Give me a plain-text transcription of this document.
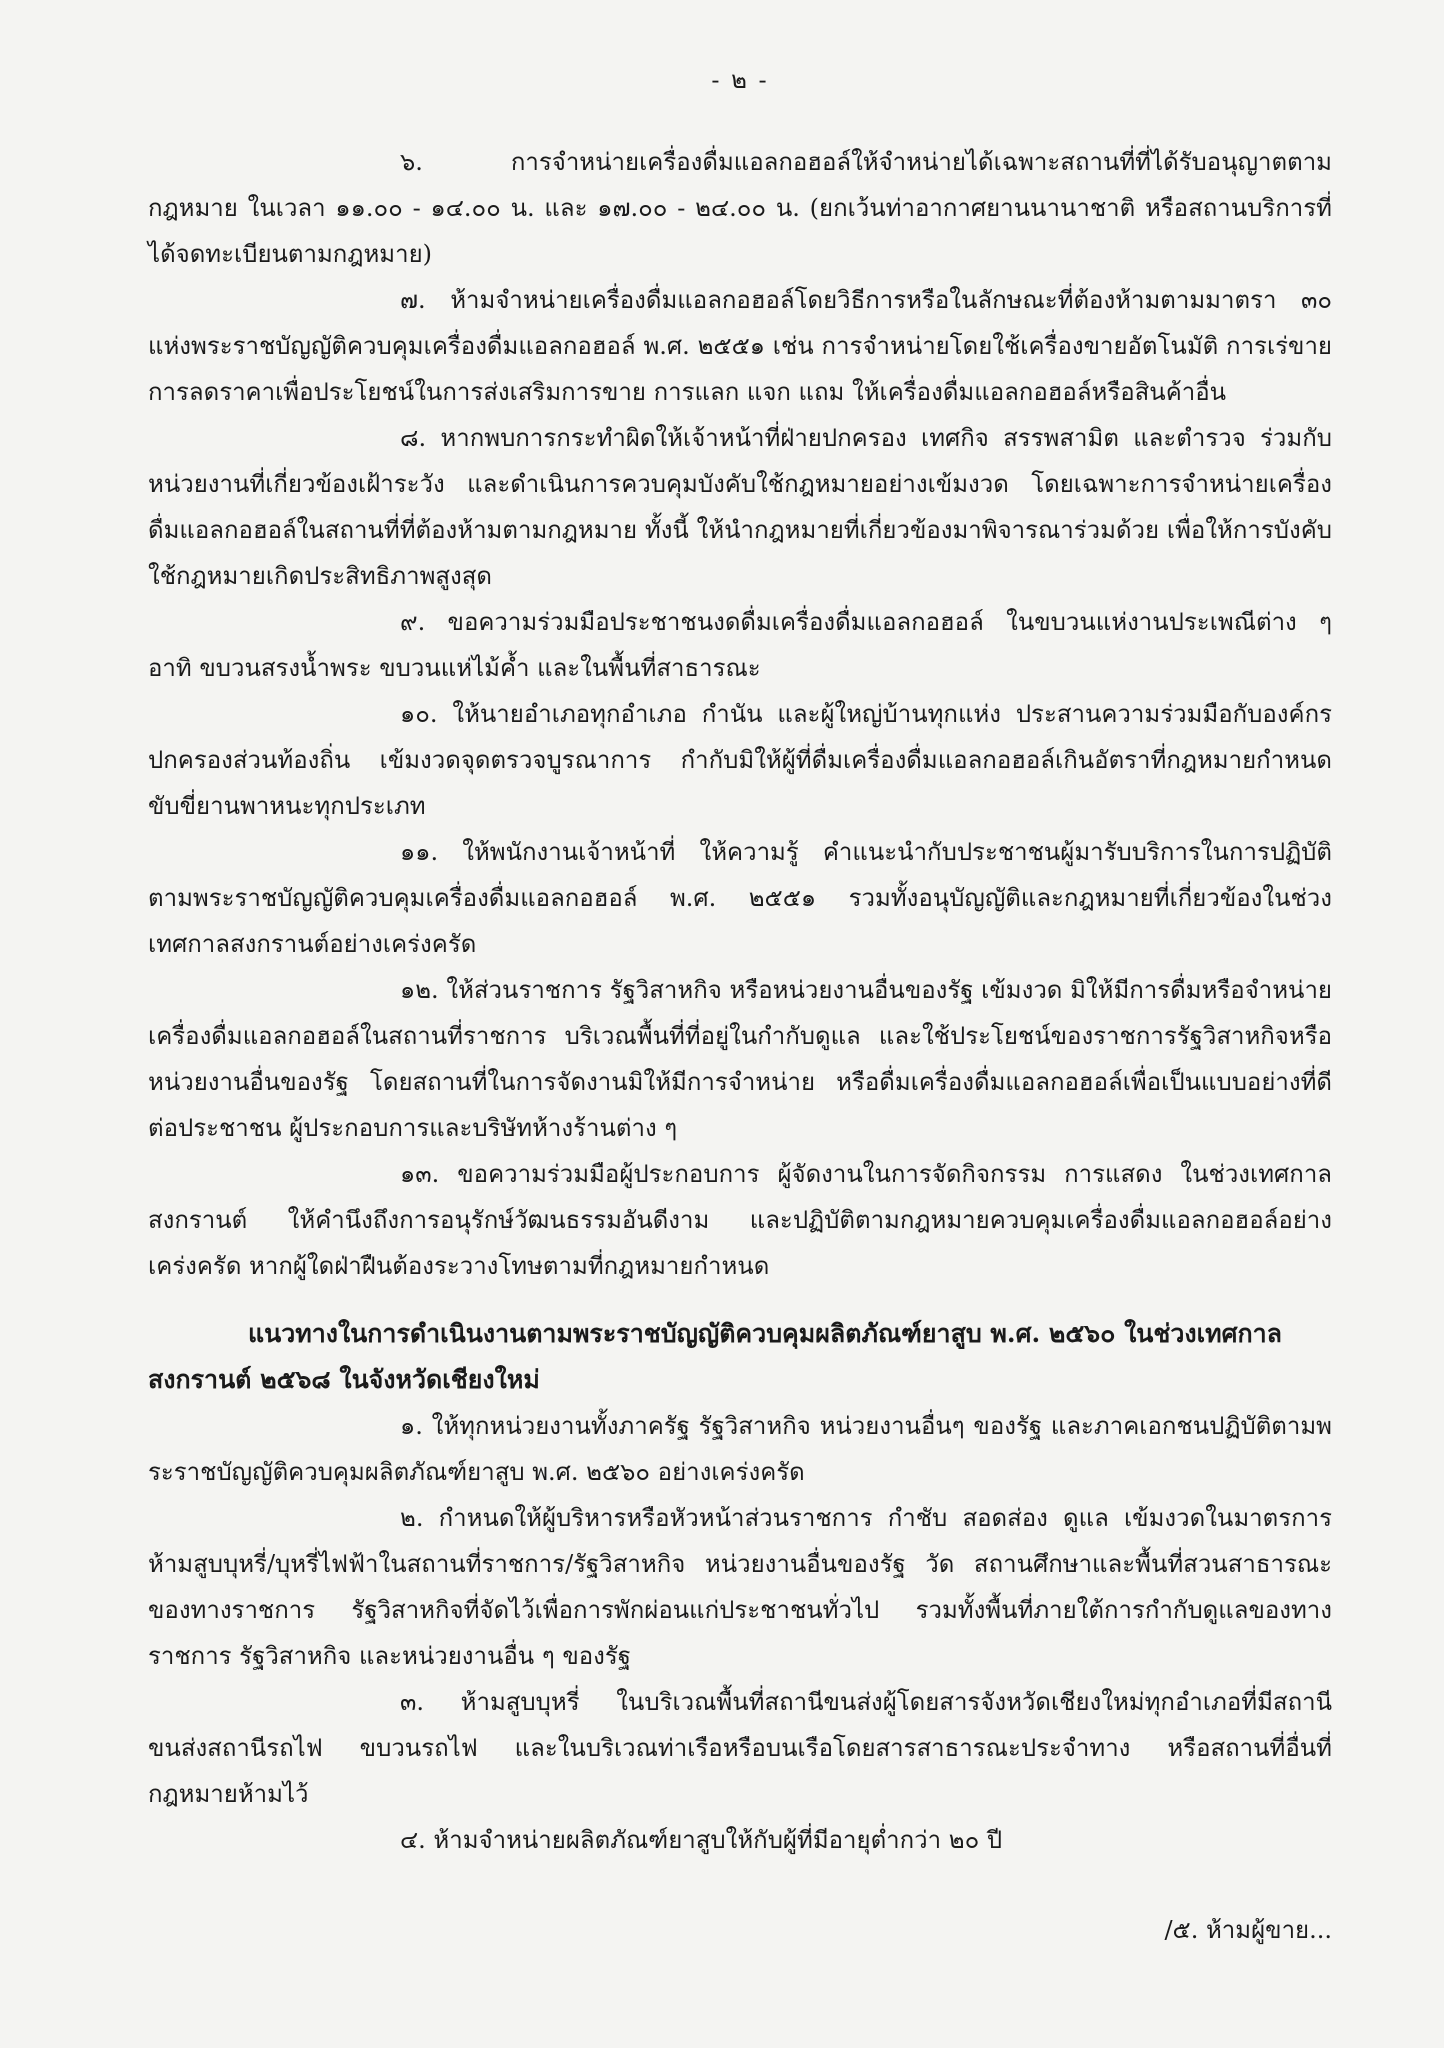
- ๒ -

๖. การจำหน่ายเครื่องดื่มแอลกอฮอล์ให้จำหน่ายได้เฉพาะสถานที่ที่ได้รับอนุญาตตามกฎหมาย ในเวลา ๑๑.๐๐ - ๑๔.๐๐ น. และ ๑๗.๐๐ - ๒๔.๐๐ น. (ยกเว้นท่าอากาศยานนานาชาติ หรือสถานบริการที่ได้จดทะเบียนตามกฎหมาย)

๗. ห้ามจำหน่ายเครื่องดื่มแอลกอฮอล์โดยวิธีการหรือในลักษณะที่ต้องห้ามตามมาตรา ๓๐ แห่งพระราชบัญญัติควบคุมเครื่องดื่มแอลกอฮอล์ พ.ศ. ๒๕๕๑ เช่น การจำหน่ายโดยใช้เครื่องขายอัตโนมัติ การเร่ขาย การลดราคาเพื่อประโยชน์ในการส่งเสริมการขาย การแลก แจก แถม ให้เครื่องดื่มแอลกอฮอล์หรือสินค้าอื่น

๘. หากพบการกระทำผิดให้เจ้าหน้าที่ฝ่ายปกครอง เทศกิจ สรรพสามิต และตำรวจ ร่วมกับหน่วยงานที่เกี่ยวข้องเฝ้าระวัง และดำเนินการควบคุมบังคับใช้กฎหมายอย่างเข้มงวด โดยเฉพาะการจำหน่ายเครื่องดื่มแอลกอฮอล์ในสถานที่ที่ต้องห้ามตามกฎหมาย ทั้งนี้ ให้นำกฎหมายที่เกี่ยวข้องมาพิจารณาร่วมด้วย เพื่อให้การบังคับใช้กฎหมายเกิดประสิทธิภาพสูงสุด

๙. ขอความร่วมมือประชาชนงดดื่มเครื่องดื่มแอลกอฮอล์ ในขบวนแห่งานประเพณีต่าง ๆ อาทิ ขบวนสรงน้ำพระ ขบวนแห่ไม้ค้ำ และในพื้นที่สาธารณะ

๑๐. ให้นายอำเภอทุกอำเภอ กำนัน และผู้ใหญ่บ้านทุกแห่ง ประสานความร่วมมือกับองค์กรปกครองส่วนท้องถิ่น เข้มงวดจุดตรวจบูรณาการ กำกับมิให้ผู้ที่ดื่มเครื่องดื่มแอลกอฮอล์เกินอัตราที่กฎหมายกำหนดขับขี่ยานพาหนะทุกประเภท

๑๑. ให้พนักงานเจ้าหน้าที่ ให้ความรู้ คำแนะนำกับประชาชนผู้มารับบริการในการปฏิบัติตามพระราชบัญญัติควบคุมเครื่องดื่มแอลกอฮอล์ พ.ศ. ๒๕๕๑ รวมทั้งอนุบัญญัติและกฎหมายที่เกี่ยวข้องในช่วงเทศกาลสงกรานต์อย่างเคร่งครัด

๑๒. ให้ส่วนราชการ รัฐวิสาหกิจ หรือหน่วยงานอื่นของรัฐ เข้มงวด มิให้มีการดื่มหรือจำหน่ายเครื่องดื่มแอลกอฮอล์ในสถานที่ราชการ บริเวณพื้นที่ที่อยู่ในกำกับดูแล และใช้ประโยชน์ของราชการรัฐวิสาหกิจหรือหน่วยงานอื่นของรัฐ โดยสถานที่ในการจัดงานมิให้มีการจำหน่าย หรือดื่มเครื่องดื่มแอลกอฮอล์เพื่อเป็นแบบอย่างที่ดีต่อประชาชน ผู้ประกอบการและบริษัทห้างร้านต่าง ๆ

๑๓. ขอความร่วมมือผู้ประกอบการ ผู้จัดงานในการจัดกิจกรรม การแสดง ในช่วงเทศกาลสงกรานต์ ให้คำนึงถึงการอนุรักษ์วัฒนธรรมอันดีงาม และปฏิบัติตามกฎหมายควบคุมเครื่องดื่มแอลกอฮอล์อย่างเคร่งครัด หากผู้ใดฝ่าฝืนต้องระวางโทษตามที่กฎหมายกำหนด

แนวทางในการดำเนินงานตามพระราชบัญญัติควบคุมผลิตภัณฑ์ยาสูบ พ.ศ. ๒๕๖๐ ในช่วงเทศกาลสงกรานต์ ๒๕๖๘ ในจังหวัดเชียงใหม่

๑. ให้ทุกหน่วยงานทั้งภาครัฐ รัฐวิสาหกิจ หน่วยงานอื่นๆ ของรัฐ และภาคเอกชนปฏิบัติตามพระราชบัญญัติควบคุมผลิตภัณฑ์ยาสูบ พ.ศ. ๒๕๖๐ อย่างเคร่งครัด

๒. กำหนดให้ผู้บริหารหรือหัวหน้าส่วนราชการ กำชับ สอดส่อง ดูแล เข้มงวดในมาตรการห้ามสูบบุหรี่/บุหรี่ไฟฟ้าในสถานที่ราชการ/รัฐวิสาหกิจ หน่วยงานอื่นของรัฐ วัด สถานศึกษาและพื้นที่สวนสาธารณะของทางราชการ รัฐวิสาหกิจที่จัดไว้เพื่อการพักผ่อนแก่ประชาชนทั่วไป รวมทั้งพื้นที่ภายใต้การกำกับดูแลของทางราชการ รัฐวิสาหกิจ และหน่วยงานอื่น ๆ ของรัฐ

๓. ห้ามสูบบุหรี่ ในบริเวณพื้นที่สถานีขนส่งผู้โดยสารจังหวัดเชียงใหม่ทุกอำเภอที่มีสถานีขนส่งสถานีรถไฟ ขบวนรถไฟ และในบริเวณท่าเรือหรือบนเรือโดยสารสาธารณะประจำทาง หรือสถานที่อื่นที่กฎหมายห้ามไว้

๔. ห้ามจำหน่ายผลิตภัณฑ์ยาสูบให้กับผู้ที่มีอายุต่ำกว่า ๒๐ ปี

/๕. ห้ามผู้ขาย...
